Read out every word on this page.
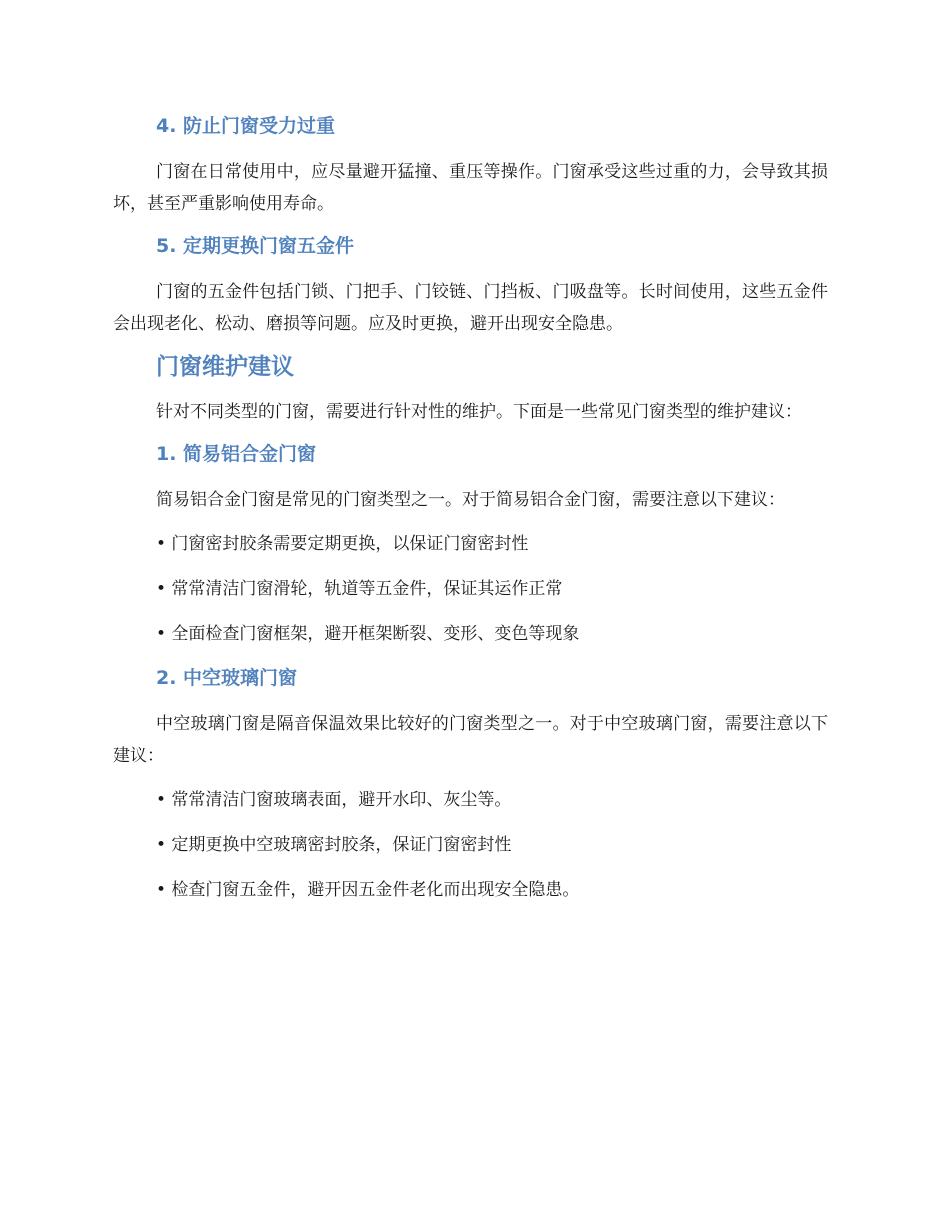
4. 防止门窗受力过重

门窗在日常使用中，应尽量避开猛撞、重压等操作。门窗承受这些过重的力，会导致其损坏，甚至严重影响使用寿命。

5. 定期更换门窗五金件

门窗的五金件包括门锁、门把手、门铰链、门挡板、门吸盘等。长时间使用，这些五金件会出现老化、松动、磨损等问题。应及时更换，避开出现安全隐患。

门窗维护建议

针对不同类型的门窗，需要进行针对性的维护。下面是一些常见门窗类型的维护建议：

1. 简易铝合金门窗

简易铝合金门窗是常见的门窗类型之一。对于简易铝合金门窗，需要注意以下建议：

• 门窗密封胶条需要定期更换，以保证门窗密封性
• 常常清洁门窗滑轮，轨道等五金件，保证其运作正常
• 全面检查门窗框架，避开框架断裂、变形、变色等现象
2. 中空玻璃门窗

中空玻璃门窗是隔音保温效果比较好的门窗类型之一。对于中空玻璃门窗，需要注意以下建议：

• 常常清洁门窗玻璃表面，避开水印、灰尘等。
• 定期更换中空玻璃密封胶条，保证门窗密封性
• 检查门窗五金件，避开因五金件老化而出现安全隐患。
